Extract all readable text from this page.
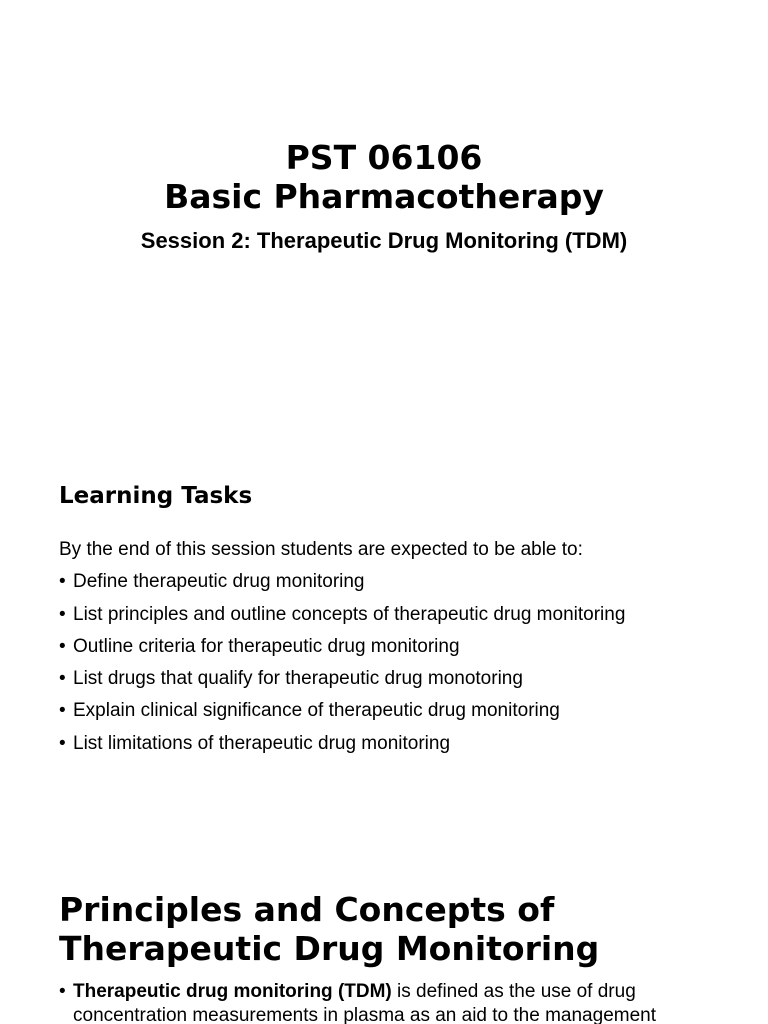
PST 06106
Basic Pharmacotherapy
Session 2: Therapeutic Drug Monitoring (TDM)
Learning Tasks
By the end of this session students are expected to be able to:
• Define therapeutic drug monitoring
• List principles and outline concepts of therapeutic drug monitoring
• Outline criteria for therapeutic drug monitoring
• List drugs that qualify for therapeutic drug monotoring
• Explain clinical significance of therapeutic drug monitoring
• List limitations of therapeutic drug monitoring
Principles and Concepts of
Therapeutic Drug Monitoring
• Therapeutic drug monitoring (TDM) is defined as the use of drug concentration measurements in plasma as an aid to the management
